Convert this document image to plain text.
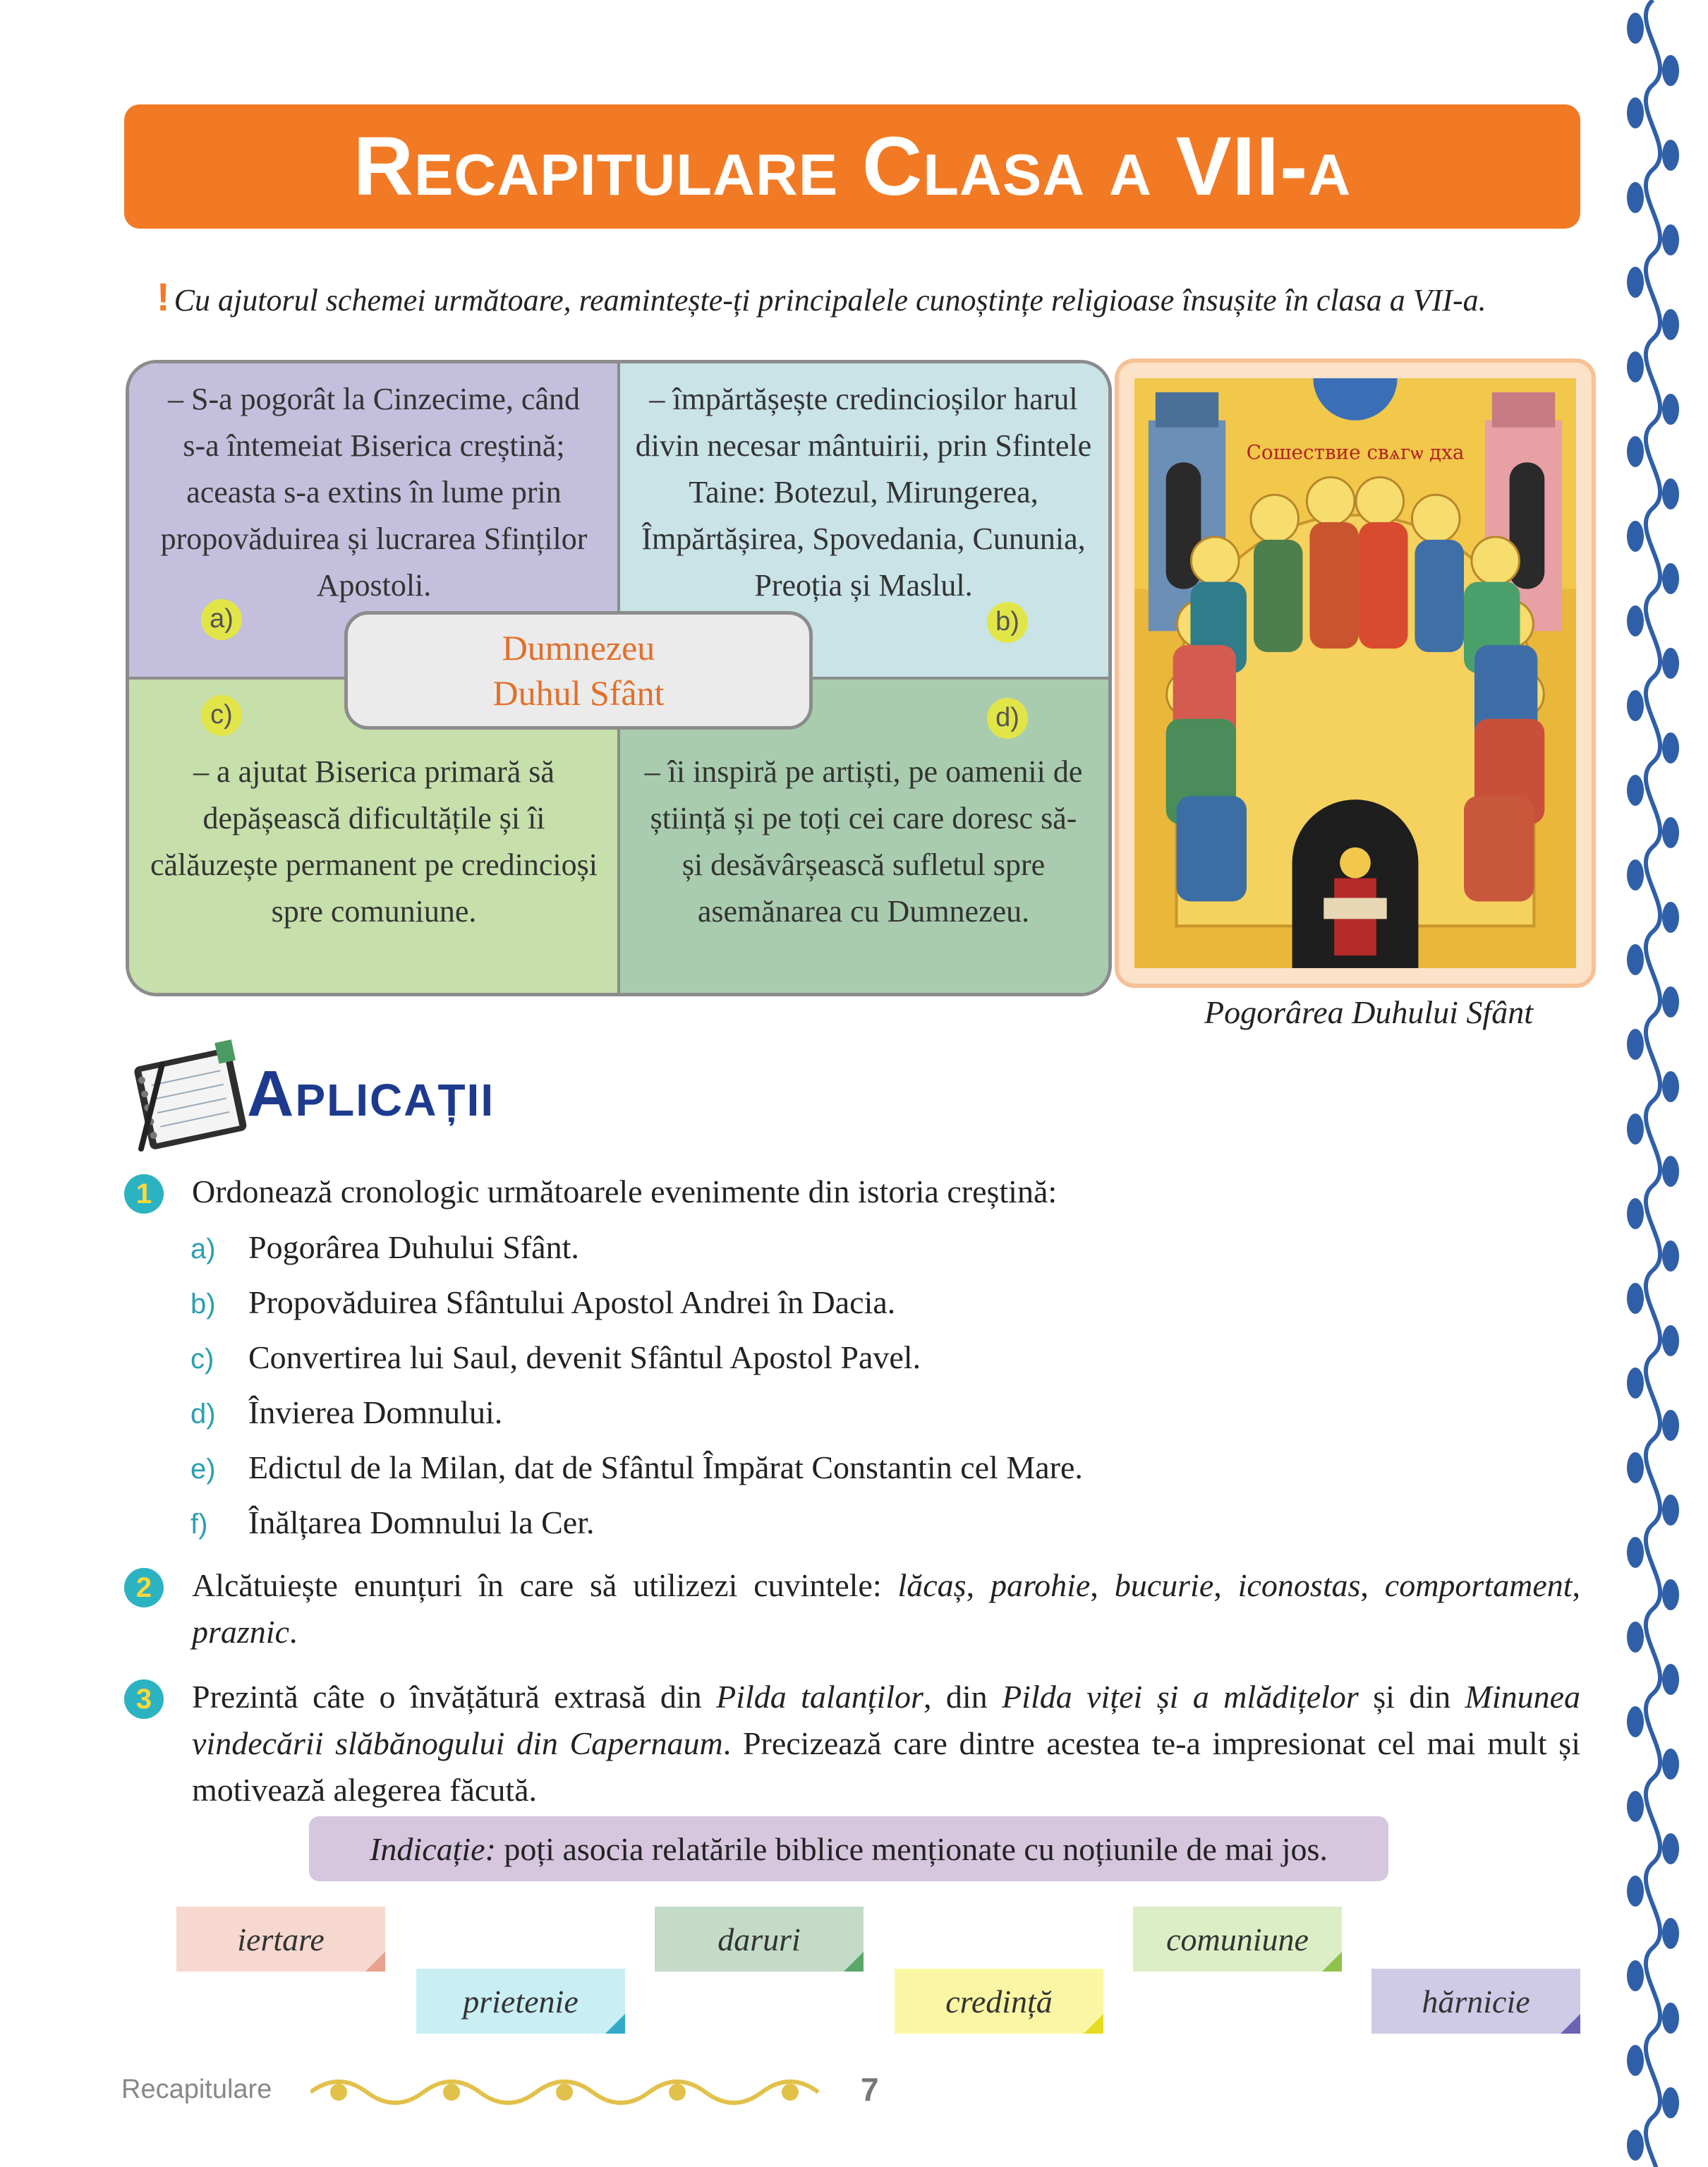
Recapitulare Clasa a VII-a
! Cu ajutorul schemei următoare, reamintește-ți principalele cunoștințe religioase însușite în clasa a VII-a.
– S-a pogorât la Cinzecime, când s-a întemeiat Biserica creștină; aceasta s-a extins în lume prin propovăduirea și lucrarea Sfinților Apostoli.
– împărtășește credincioșilor harul divin necesar mântuirii, prin Sfintele Taine: Botezul, Mirungerea, Împărtășirea, Spovedania, Cununia, Preoția și Maslul.
– a ajutat Biserica primară să depășească dificultățile și îi călăuzește permanent pe credincioși spre comuniune.
– îi inspiră pe artiști, pe oamenii de știință și pe toți cei care doresc să-și desăvârșească sufletul spre asemănarea cu Dumnezeu.
a)	b)
c)	d)
Dumnezeu
Duhul Sfânt
Сошествие свѧгѡ дха
Pogorârea Duhului Sfânt
Aplicații
1	Ordonează cronologic următoarele evenimente din istoria creștină:
a) Pogorârea Duhului Sfânt.
b) Propovăduirea Sfântului Apostol Andrei în Dacia.
c) Convertirea lui Saul, devenit Sfântul Apostol Pavel.
d) Învierea Domnului.
e) Edictul de la Milan, dat de Sfântul Împărat Constantin cel Mare.
f) Înălțarea Domnului la Cer.
2	Alcătuiește enunțuri în care să utilizezi cuvintele: lăcaș, parohie, bucurie, iconostas, comportament, praznic.
3	Prezintă câte o învățătură extrasă din Pilda talanților, din Pilda viței și a mlădițelor și din Minunea vindecării slăbănogului din Capernaum. Precizează care dintre acestea te-a impresionat cel mai mult și motivează alegerea făcută.
Indicație: poți asocia relatările biblice menționate cu noțiunile de mai jos.
iertare
prietenie
daruri
credință
comuniune
hărnicie
Recapitulare	7
